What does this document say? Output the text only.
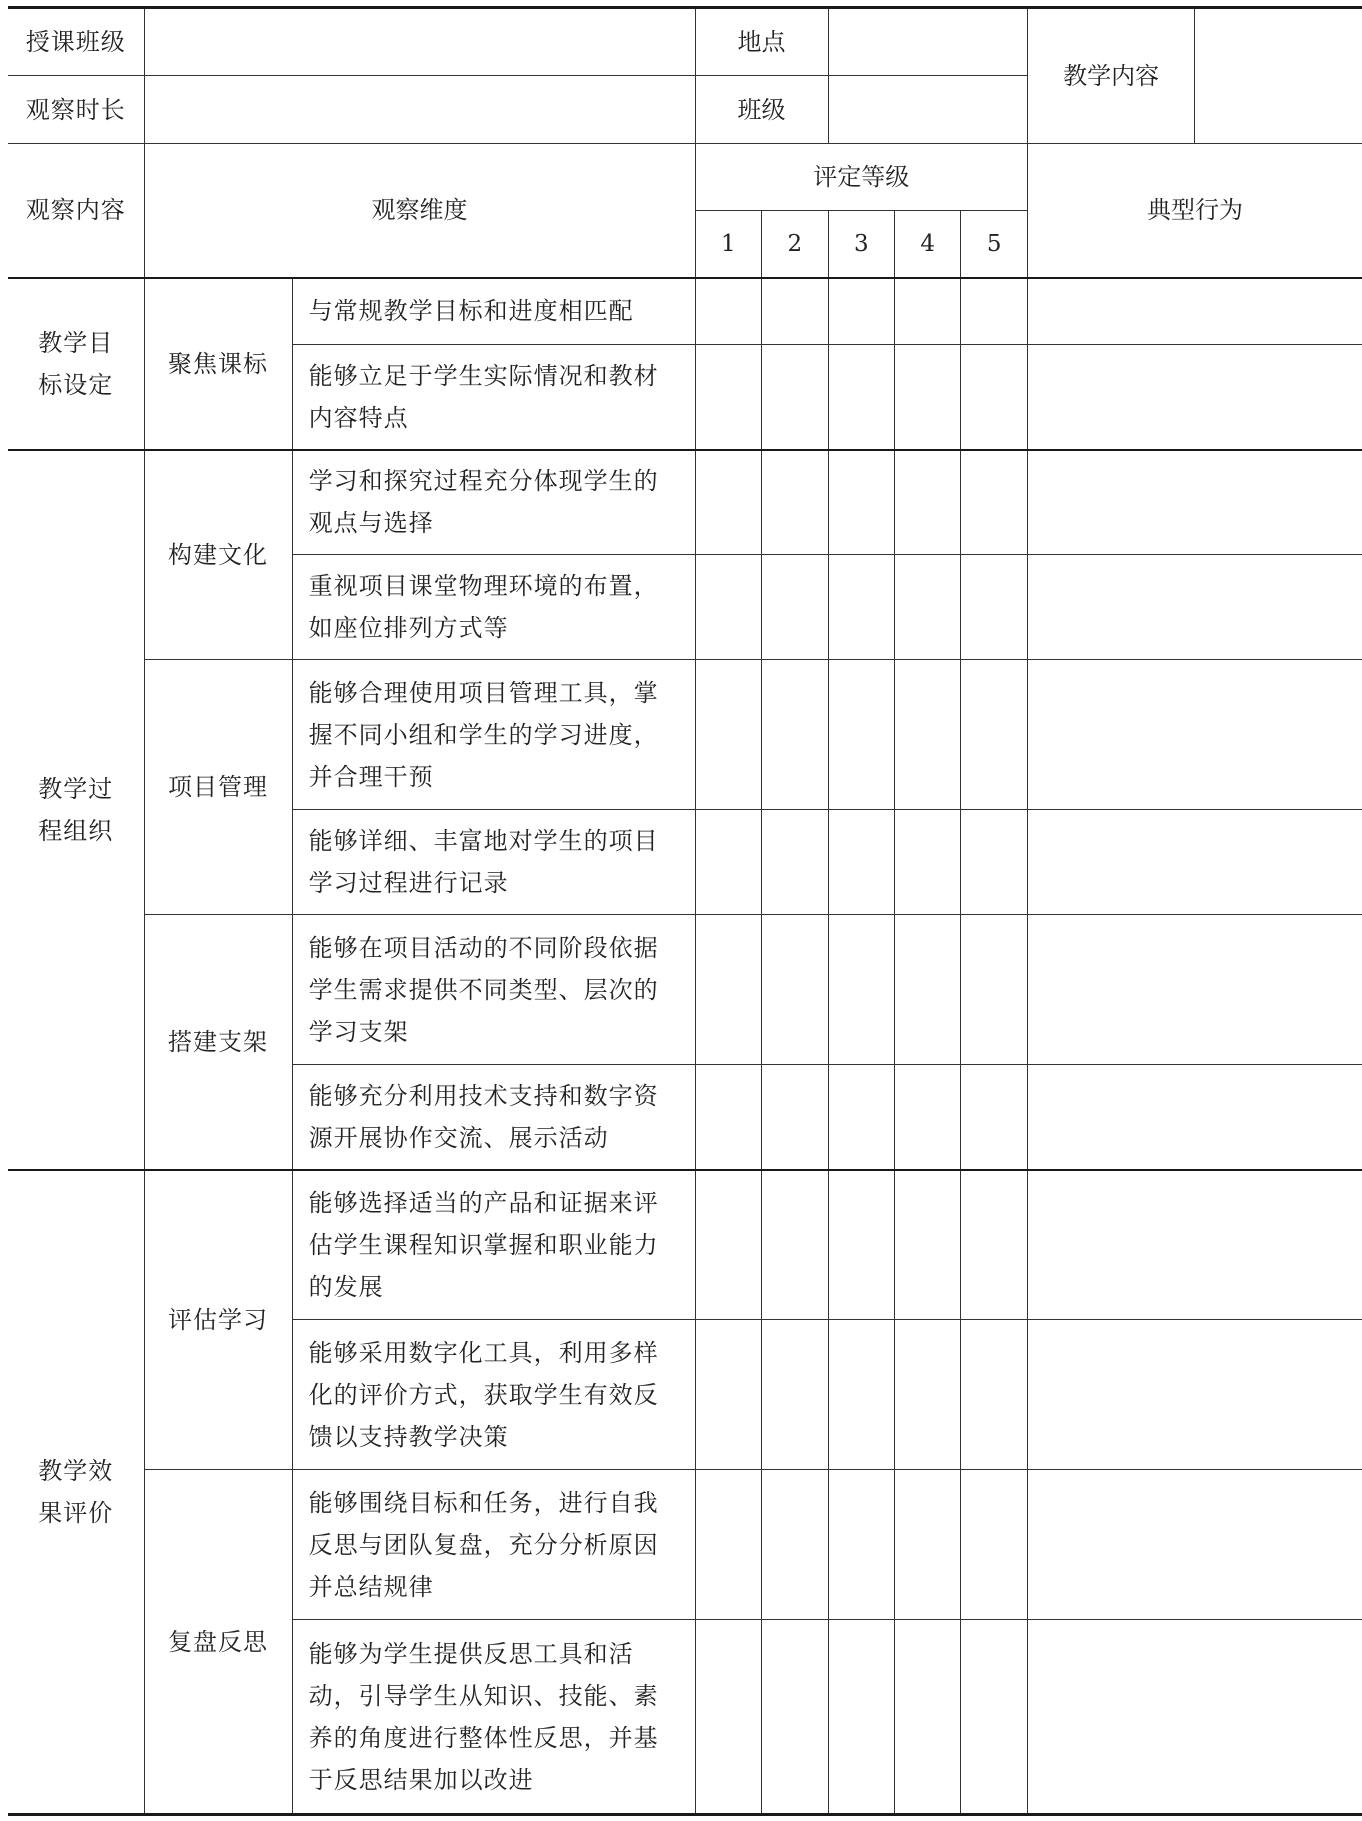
授课班级			地点					教学内容	
观察时长			班级						
观察内容	观察维度		评定等级					典型行为	
			1	2	3	4	5		
教学目标设定	聚焦课标	与常规教学目标和进度相匹配							
		能够立足于学生实际情况和教材内容特点							
教学过程组织	构建文化	学习和探究过程充分体现学生的观点与选择							
		重视项目课堂物理环境的布置，如座位排列方式等							
	项目管理	能够合理使用项目管理工具，掌握不同小组和学生的学习进度，并合理干预							
		能够详细、丰富地对学生的项目学习过程进行记录							
	搭建支架	能够在项目活动的不同阶段依据学生需求提供不同类型、层次的学习支架							
		能够充分利用技术支持和数字资源开展协作交流、展示活动							
教学效果评价	评估学习	能够选择适当的产品和证据来评估学生课程知识掌握和职业能力的发展							
		能够采用数字化工具，利用多样化的评价方式，获取学生有效反馈以支持教学决策							
	复盘反思	能够围绕目标和任务，进行自我反思与团队复盘，充分分析原因并总结规律							
		能够为学生提供反思工具和活动，引导学生从知识、技能、素养的角度进行整体性反思，并基于反思结果加以改进							
